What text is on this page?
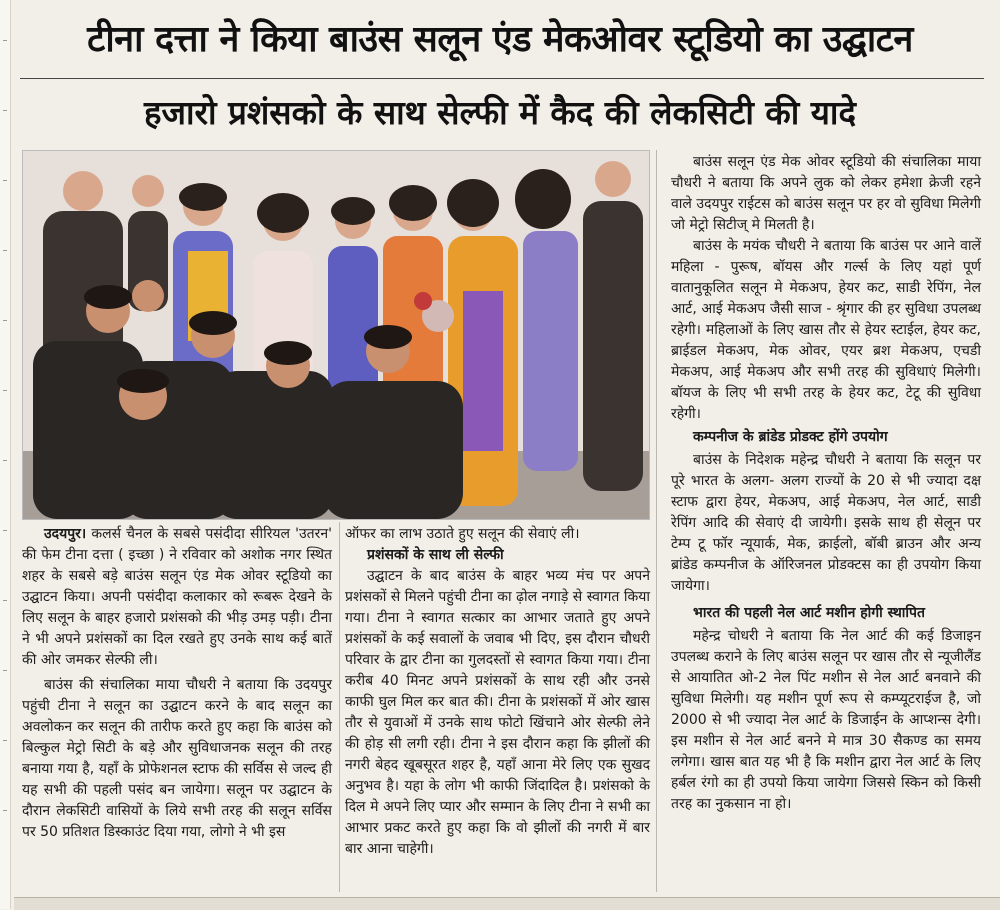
टीना दत्ता ने किया बाउंस सलून एंड मेकओवर स्टूडियो का उद्घाटन
हजारो प्रशंसको के साथ सेल्फी में कैद की लेकसिटी की यादे

उदयपुर। कलर्स चैनल के सबसे पसंदीदा सीरियल 'उतरन' की फेम टीना दत्ता ( इच्छा ) ने रविवार को अशोक नगर स्थित शहर के सबसे बड़े बाउंस सलून एंड मेक ओवर स्टूडियो का उद्घाटन किया। अपनी पसंदीदा कलाकार को रूबरू देखने के लिए सलून के बाहर हजारो प्रशंसको की भीड़ उमड़ पड़ी। टीना ने भी अपने प्रशंसकों का दिल रखते हुए उनके साथ कई बातें की ओर जमकर सेल्फी ली।

बाउंस की संचालिका माया चौधरी ने बताया कि उदयपुर पहुंची टीना ने सलून का उद्घाटन करने के बाद सलून का अवलोकन कर सलून की तारीफ करते हुए कहा कि बाउंस को बिल्कुल मेट्रो सिटी के बड़े और सुविधाजनक सलून की तरह बनाया गया है, यहाँ के प्रोफेशनल स्टाफ की सर्विस से जल्द ही यह सभी की पहली पसंद बन जायेगा। सलून पर उद्घाटन के दौरान लेकसिटी वासियों के लिये सभी तरह की सलून सर्विस पर 50 प्रतिशत डिस्काउंट दिया गया, लोगो ने भी इस

ऑफर का लाभ उठाते हुए सलून की सेवाएं ली।

प्रशंसकों के साथ ली सेल्फी

उद्घाटन के बाद बाउंस के बाहर भव्य मंच पर अपने प्रशंसकों से मिलने पहुंची टीना का ढ़ोल नगाड़े से स्वागत किया गया। टीना ने स्वागत सत्कार का आभार जताते हुए अपने प्रशंसकों के कई सवालों के जवाब भी दिए, इस दौरान चौधरी परिवार के द्वार टीना का गुलदस्तों से स्वागत किया गया। टीना करीब 40 मिनट अपने प्रशंसकों के साथ रही और उनसे काफी घुल मिल कर बात की। टीना के प्रशंसकों में ओर खास तौर से युवाओं में उनके साथ फोटो खिंचाने ओर सेल्फी लेने की होड़ सी लगी रही। टीना ने इस दौरान कहा कि झीलों की नगरी बेहद खूबसूरत शहर है, यहाँ आना मेरे लिए एक सुखद अनुभव है। यहा के लोग भी काफी जिंदादिल है। प्रशंसको के दिल मे अपने लिए प्यार और सम्मान के लिए टीना ने सभी का आभार प्रकट करते हुए कहा कि वो झीलों की नगरी में बार बार आना चाहेगी।

बाउंस सलून एंड मेक ओवर स्टूडियो की संचालिका माया चौधरी ने बताया कि अपने लुक को लेकर हमेशा क्रेजी रहने वाले उदयपुर राईटस को बाउंस सलून पर हर वो सुविधा मिलेगी जो मेट्रो सिटीज् मे मिलती है।

बाउंस के मयंक चौधरी ने बताया कि बाउंस पर आने वालें महिला - पुरूष, बॉयस और गर्ल्स के लिए यहां पूर्ण वातानुकूलित सलून मे मेकअप, हेयर कट, साडी रेपिंग, नेल आर्ट, आई मेकअप जैसी साज - श्रृंगार की हर सुविधा उपलब्ध रहेगी। महिलाओं के लिए खास तौर से हेयर स्टाईल, हेयर कट, ब्राईडल मेकअप, मेक ओवर, एयर ब्रश मेकअप, एचडी मेकअप, आई मेकअप और सभी तरह की सुविधाएं मिलेगी। बॉयज के लिए भी सभी तरह के हेयर कट, टेटू की सुविधा रहेगी।

कम्पनीज के ब्रांडेड प्रोडक्ट होंगे उपयोग

बाउंस के निदेशक महेन्द्र चौधरी ने बताया कि सलून पर पूरे भारत के अलग- अलग राज्यों के 20 से भी ज्यादा दक्ष स्टाफ द्वारा हेयर, मेकअप, आई मेकअप, नेल आर्ट, साडी रेपिंग आदि की सेवाएं दी जायेगी। इसके साथ ही सेलून पर टेम्प टू फॉर न्यूयार्क, मेक, क्राईलो, बॉबी ब्राउन और अन्य ब्रांडेड कम्पनीज के ऑरिजनल प्रोडक्टस का ही उपयोग किया जायेगा।

भारत की पहली नेल आर्ट मशीन होगी स्थापित

महेन्द्र चोधरी ने बताया कि नेल आर्ट की कई डिजाइन उपलब्ध कराने के लिए बाउंस सलून पर खास तौर से न्यूजीलैंड से आयातित ओ-2 नेल पिंट मशीन से नेल आर्ट बनवाने की सुविधा मिलेगी। यह मशीन पूर्ण रूप से कम्प्यूटराईज है, जो 2000 से भी ज्यादा नेल आर्ट के डिजाईन के आप्शन्स देगी। इस मशीन से नेल आर्ट बनने मे मात्र 30 सैकण्ड का समय लगेगा। खास बात यह भी है कि मशीन द्वारा नेल आर्ट के लिए हर्बल रंगो का ही उपयो किया जायेगा जिससे स्किन को किसी तरह का नुकसान ना हो।
